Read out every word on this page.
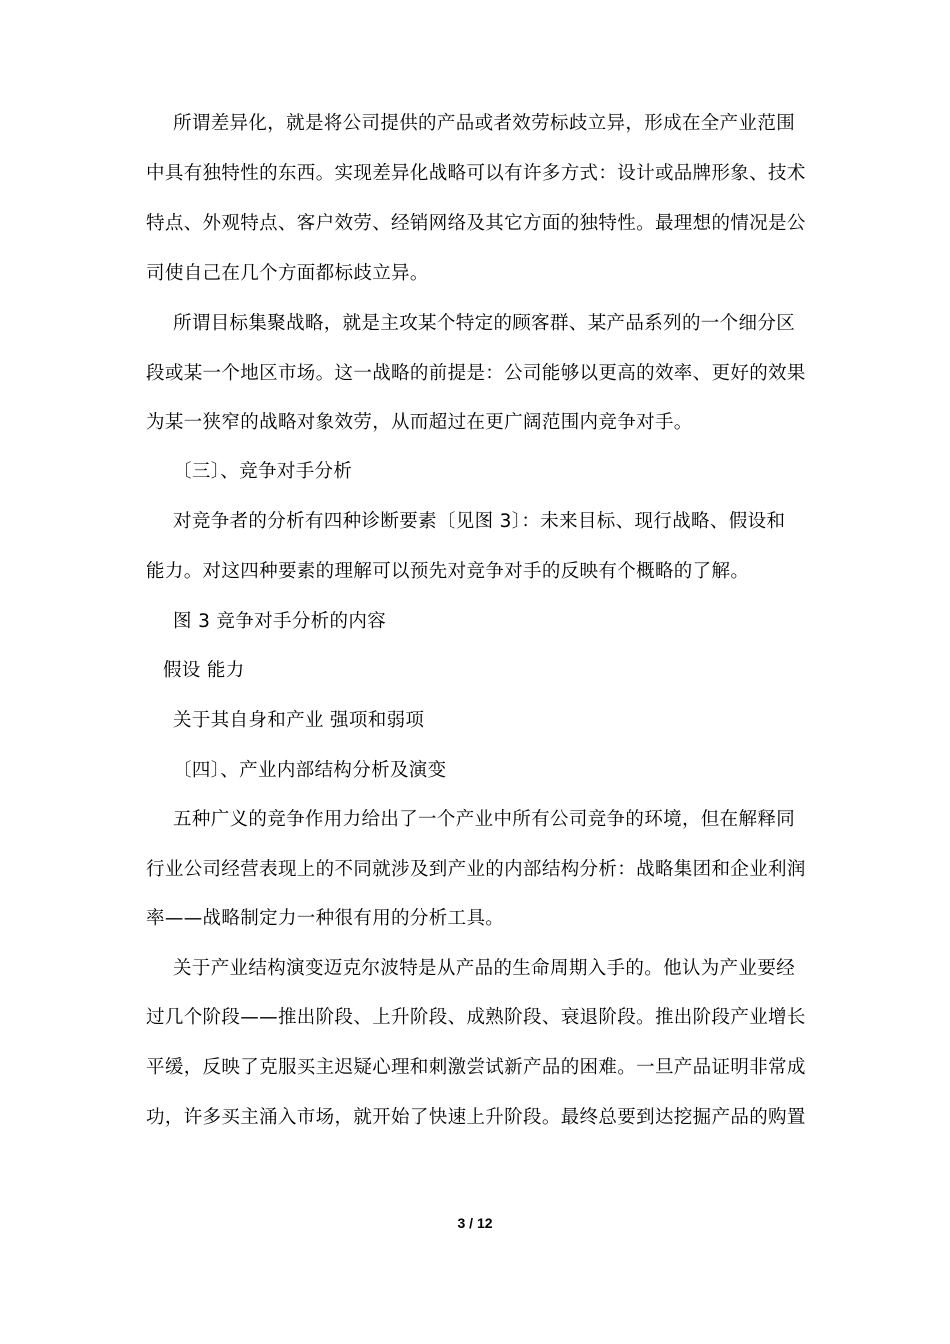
所谓差异化，就是将公司提供的产品或者效劳标歧立异，形成在全产业范围
中具有独特性的东西。实现差异化战略可以有许多方式：设计或品牌形象、技术
特点、外观特点、客户效劳、经销网络及其它方面的独特性。最理想的情况是公
司使自己在几个方面都标歧立异。
所谓目标集聚战略，就是主攻某个特定的顾客群、某产品系列的一个细分区
段或某一个地区市场。这一战略的前提是：公司能够以更高的效率、更好的效果
为某一狭窄的战略对象效劳，从而超过在更广阔范围内竞争对手。
〔三〕、竞争对手分析
对竞争者的分析有四种诊断要素〔见图 3〕：未来目标、现行战略、假设和
能力。对这四种要素的理解可以预先对竞争对手的反映有个概略的了解。
图 3 竞争对手分析的内容
假设 能力
关于其自身和产业 强项和弱项
〔四〕、产业内部结构分析及演变
五种广义的竞争作用力给出了一个产业中所有公司竞争的环境，但在解释同
行业公司经营表现上的不同就涉及到产业的内部结构分析：战略集团和企业利润
率——战略制定力一种很有用的分析工具。
关于产业结构演变迈克尔波特是从产品的生命周期入手的。他认为产业要经
过几个阶段——推出阶段、上升阶段、成熟阶段、衰退阶段。推出阶段产业增长
平缓，反映了克服买主迟疑心理和刺激尝试新产品的困难。一旦产品证明非常成
功，许多买主涌入市场，就开始了快速上升阶段。最终总要到达挖掘产品的购置
3 / 12
